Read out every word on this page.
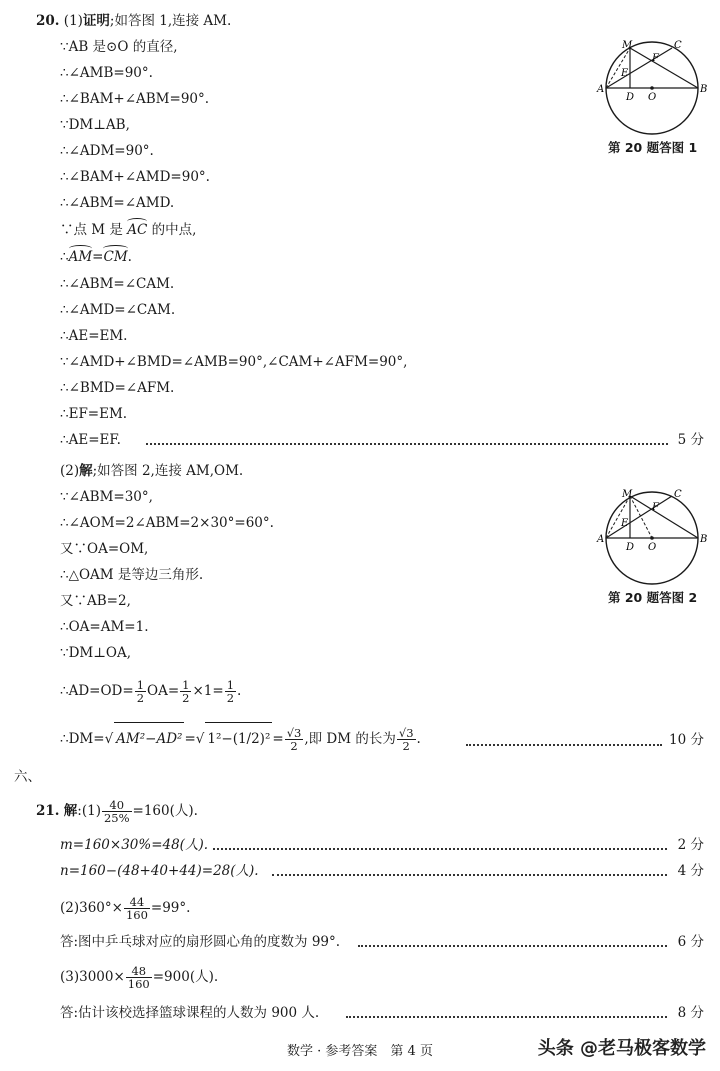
20. (1)证明;如答图 1,连接 AM.
∵AB 是⊙O 的直径,
∴∠AMB=90°.
∴∠BAM+∠ABM=90°.
∵DM⊥AB,
∴∠ADM=90°.
∴∠BAM+∠AMD=90°.
∴∠ABM=∠AMD.
∵点 M 是 AC 的中点,
∴AM=CM.
∴∠ABM=∠CAM.
∴∠AMD=∠CAM.
∴AE=EM.
∵∠AMD+∠BMD=∠AMB=90°,∠CAM+∠AFM=90°,
∴∠BMD=∠AFM.
∴EF=EM.
∴AE=EF.	5 分
M	C
F
E
A
D O
B
第 20 题答图 1
(2)解;如答图 2,连接 AM,OM.
∵∠ABM=30°,
∴∠AOM=2∠ABM=2×30°=60°.
又∵OA=OM,
∴△OAM 是等边三角形.
又∵AB=2,
∴OA=AM=1.
∵DM⊥OA,
∴AD=OD= $\frac{1}{2} OA= \frac{1}{2} \times 1= \frac{1}{2}$ .
∴DM=√ AM²−AD² =√ $1^2-(1/2)^2 = \frac{√3}{2}$ ,即 DM 的长为 $\frac{√3}{2}$ .	10 分
M	C
F
E
A
D O
B
第 20 题答图 2
六、
21. 解:(1) $\frac{40}{25\%} =160$(人).
m=160×30%=48(人).	2 分
n=160−(48+40+44)=28(人).	4 分
$(2)360^\circ\times \frac{44}{160} =99^\circ$.
答:图中乒乓球对应的扇形圆心角的度数为 99°.	6 分
$(3)3000\times \frac{48}{160} =900$(人).
答:估计该校选择篮球课程的人数为 900 人.	8 分
数学 · 参考答案　第 4 页	头条 @老马极客数学
